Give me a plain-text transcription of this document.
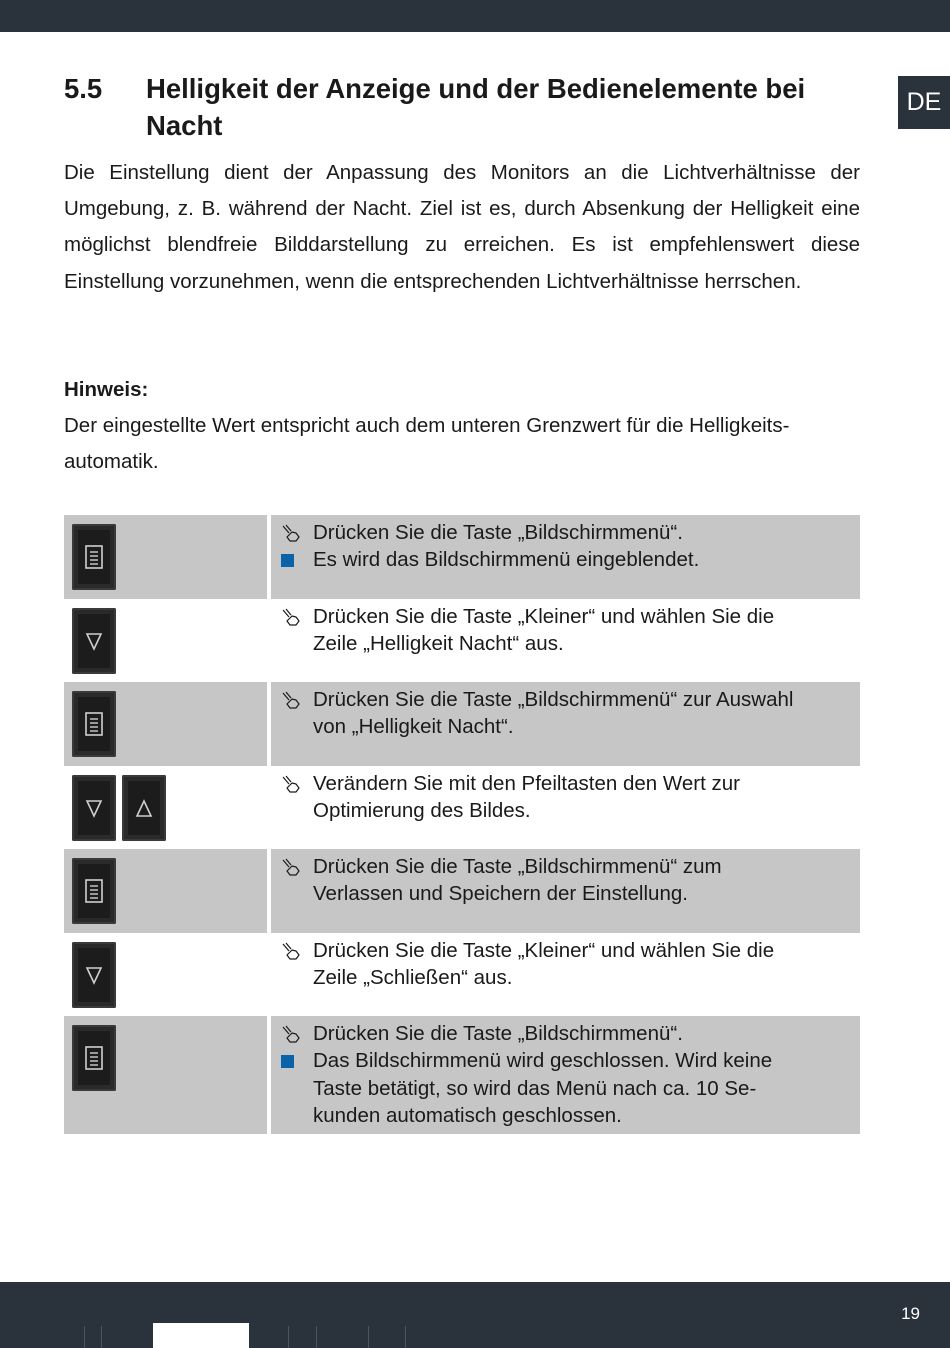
DE
5.5 Helligkeit der Anzeige und der Bedienelemente bei Nacht

Die Einstellung dient der Anpassung des Monitors an die Lichtverhältnisse der Umgebung, z. B. während der Nacht. Ziel ist es, durch Absenkung der Helligkeit eine möglichst blendfreie Bilddarstellung zu erreichen. Es ist empfehlenswert diese Einstellung vorzunehmen, wenn die entsprechenden Lichtverhältnisse herrschen.

Hinweis:
Der eingestellte Wert entspricht auch dem unteren Grenzwert für die Helligkeits-
automatik.
Drücken Sie die Taste „Bildschirmmenü“.
Es wird das Bildschirmmenü eingeblendet.
Drücken Sie die Taste „Kleiner“ und wählen Sie die
Zeile „Helligkeit Nacht“ aus.
Drücken Sie die Taste „Bildschirmmenü“ zur Auswahl
von „Helligkeit Nacht“.
Verändern Sie mit den Pfeiltasten den Wert zur
Optimierung des Bildes.
Drücken Sie die Taste „Bildschirmmenü“ zum
Verlassen und Speichern der Einstellung.
Drücken Sie die Taste „Kleiner“ und wählen Sie die
Zeile „Schließen“ aus.
Drücken Sie die Taste „Bildschirmmenü“.
Das Bildschirmmenü wird geschlossen. Wird keine
Taste betätigt, so wird das Menü nach ca. 10 Se-
kunden automatisch geschlossen.
19
